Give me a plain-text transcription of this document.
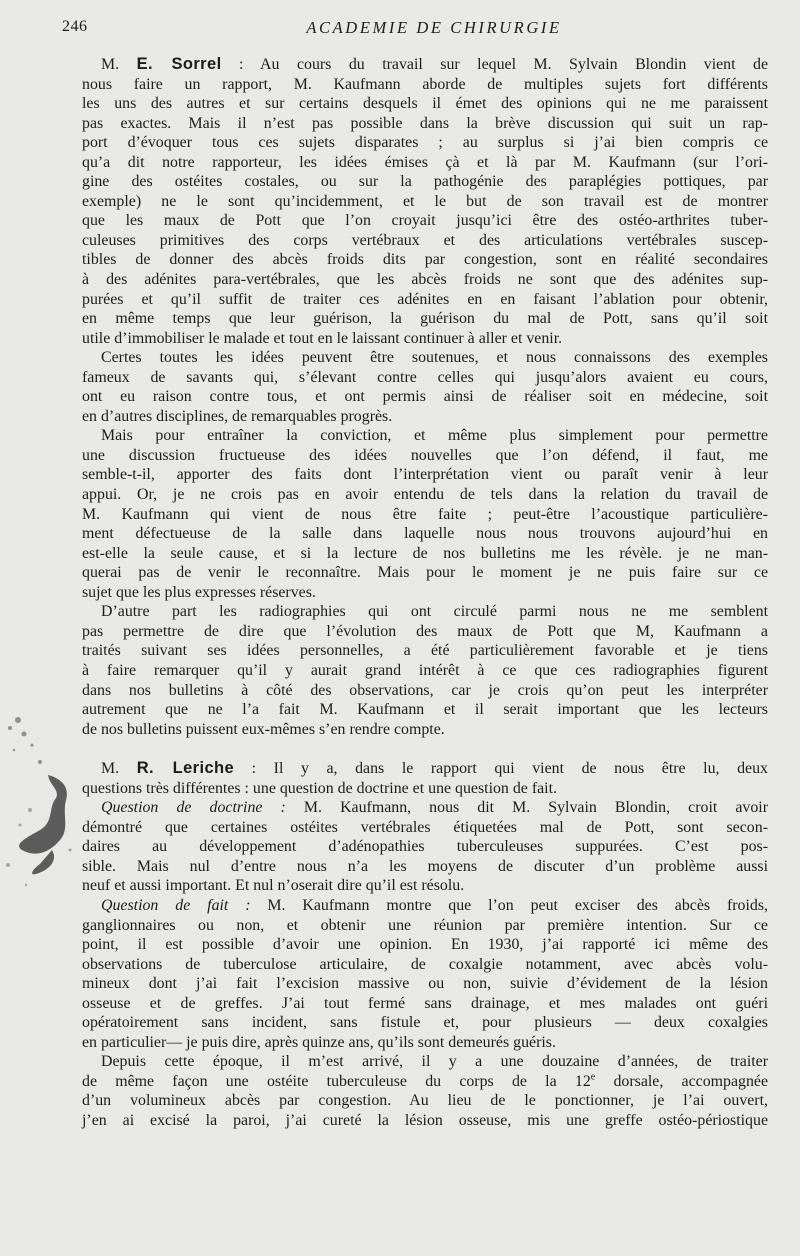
246	ACADEMIE DE CHIRURGIE
M. E. Sorrel : Au cours du travail sur lequel M. Sylvain Blondin vient de
nous faire un rapport, M. Kaufmann aborde de multiples sujets fort différents
les uns des autres et sur certains desquels il émet des opinions qui ne me paraissent
pas exactes. Mais il n’est pas possible dans la brève discussion qui suit un rap-
port d’évoquer tous ces sujets disparates ; au surplus si j’ai bien compris ce
qu’a dit notre rapporteur, les idées émises çà et là par M. Kaufmann (sur l’ori-
gine des ostéites costales, ou sur la pathogénie des paraplégies pottiques, par
exemple) ne le sont qu’incidemment, et le but de son travail est de montrer
que les maux de Pott que l’on croyait jusqu’ici être des ostéo-arthrites tuber-
culeuses primitives des corps vertébraux et des articulations vertébrales suscep-
tibles de donner des abcès froids dits par congestion, sont en réalité secondaires
à des adénites para-vertébrales, que les abcès froids ne sont que des adénites sup-
purées et qu’il suffit de traiter ces adénites en en faisant l’ablation pour obtenir,
en même temps que leur guérison, la guérison du mal de Pott, sans qu’il soit
utile d’immobiliser le malade et tout en le laissant continuer à aller et venir.
Certes toutes les idées peuvent être soutenues, et nous connaissons des exemples
fameux de savants qui, s’élevant contre celles qui jusqu’alors avaient eu cours,
ont eu raison contre tous, et ont permis ainsi de réaliser soit en médecine, soit
en d’autres disciplines, de remarquables progrès.
Mais pour entraîner la conviction, et même plus simplement pour permettre
une discussion fructueuse des idées nouvelles que l’on défend, il faut, me
semble-t-il, apporter des faits dont l’interprétation vient ou paraît venir à leur
appui. Or, je ne crois pas en avoir entendu de tels dans la relation du travail de
M. Kaufmann qui vient de nous être faite ; peut-être l’acoustique particulière-
ment défectueuse de la salle dans laquelle nous nous trouvons aujourd’hui en
est-elle la seule cause, et si la lecture de nos bulletins me les révèle. je ne man-
querai pas de venir le reconnaître. Mais pour le moment je ne puis faire sur ce
sujet que les plus expresses réserves.
D’autre part les radiographies qui ont circulé parmi nous ne me semblent
pas permettre de dire que l’évolution des maux de Pott que M, Kaufmann a
traités suivant ses idées personnelles, a été particulièrement favorable et je tiens
à faire remarquer qu’il y aurait grand intérêt à ce que ces radiographies figurent
dans nos bulletins à côté des observations, car je crois qu’on peut les interpréter
autrement que ne l’a fait M. Kaufmann et il serait important que les lecteurs
de nos bulletins puissent eux-mêmes s’en rendre compte.
M. R. Leriche : Il y a, dans le rapport qui vient de nous être lu, deux
questions très différentes : une question de doctrine et une question de fait.
Question de doctrine : M. Kaufmann, nous dit M. Sylvain Blondin, croit avoir
démontré que certaines ostéites vertébrales étiquetées mal de Pott, sont secon-
daires au développement d’adénopathies tuberculeuses suppurées. C’est pos-
sible. Mais nul d’entre nous n’a les moyens de discuter d’un problème aussi
neuf et aussi important. Et nul n’oserait dire qu’il est résolu.
Question de fait : M. Kaufmann montre que l’on peut exciser des abcès froids,
ganglionnaires ou non, et obtenir une réunion par première intention. Sur ce
point, il est possible d’avoir une opinion. En 1930, j’ai rapporté ici même des
observations de tuberculose articulaire, de coxalgie notamment, avec abcès volu-
mineux dont j’ai fait l’excision massive ou non, suivie d’évidement de la lésion
osseuse et de greffes. J’ai tout fermé sans drainage, et mes malades ont guéri
opératoirement sans incident, sans fistule et, pour plusieurs — deux coxalgies
en particulier— je puis dire, après quinze ans, qu’ils sont demeurés guéris.
Depuis cette époque, il m’est arrivé, il y a une douzaine d’années, de traiter
de même façon une ostéite tuberculeuse du corps de la 12e dorsale, accompagnée
d’un volumineux abcès par congestion. Au lieu de le ponctionner, je l’ai ouvert,
j’en ai excisé la paroi, j’ai cureté la lésion osseuse, mis une greffe ostéo-périostique
